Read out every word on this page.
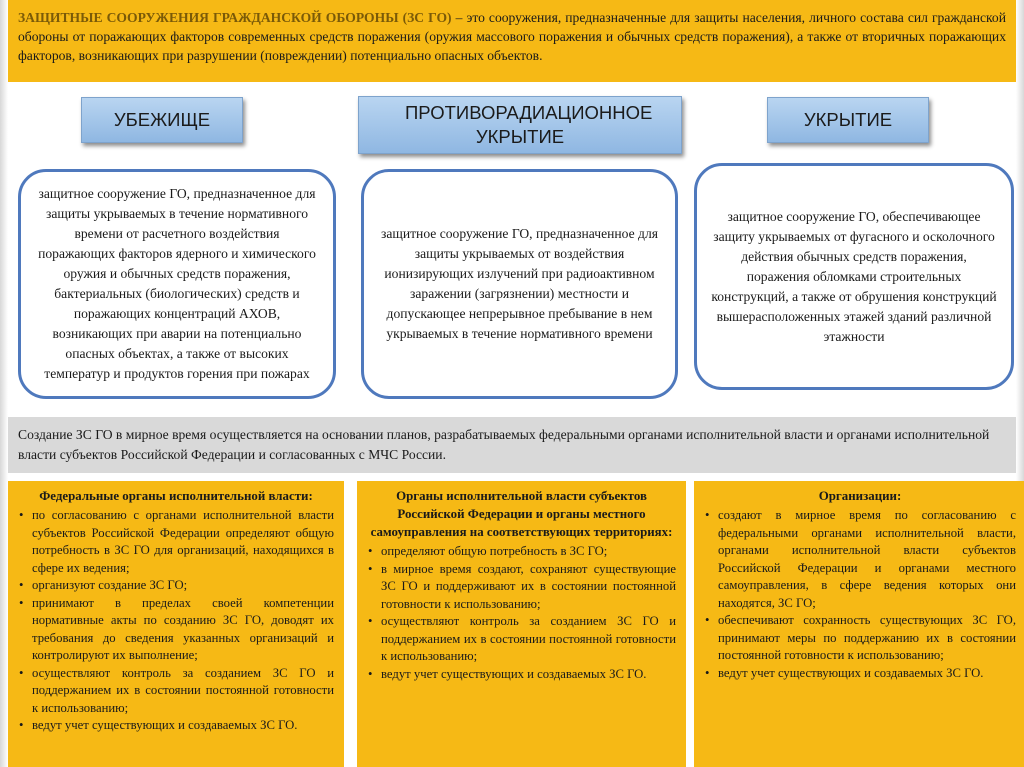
ЗАЩИТНЫЕ СООРУЖЕНИЯ ГРАЖДАНСКОЙ ОБОРОНЫ (ЗС ГО) – это сооружения, предназначенные для защиты населения, личного состава сил гражданской обороны от поражающих факторов современных средств поражения (оружия массового поражения и обычных средств поражения), а также от вторичных поражающих факторов, возникающих при разрушении (повреждении) потенциально опасных объектов.
УБЕЖИЩЕ	ПРОТИВОРАДИАЦИОННОЕ УКРЫТИЕ
УКРЫТИЕ
защитное сооружение ГО, предназначенное для защиты укрываемых в течение нормативного времени от расчетного воздействия поражающих факторов ядерного и химического оружия и обычных средств поражения, бактериальных (биологических) средств и поражающих концентраций АХОВ, возникающих при аварии на потенциально опасных объектах, а также от высоких температур и продуктов горения при пожарах
защитное сооружение ГО, предназначенное для защиты укрываемых от воздействия ионизирующих излучений при радиоактивном заражении (загрязнении) местности и допускающее непрерывное пребывание в нем укрываемых в течение нормативного времени
защитное сооружение ГО, обеспечивающее защиту укрываемых от фугасного и осколочного действия обычных средств поражения, поражения обломками строительных конструкций, а также от обрушения конструкций вышерасположенных этажей зданий различной этажности
Создание ЗС ГО в мирное время осуществляется на основании планов, разрабатываемых федеральными органами исполнительной власти и органами исполнительной власти субъектов Российской Федерации и согласованных с МЧС России.
Федеральные органы исполнительной власти:
• по согласованию с органами исполнительной власти субъектов Российской Федерации определяют общую потребность в ЗС ГО для организаций, находящихся в сфере их ведения;
• организуют создание ЗС ГО;
• принимают в пределах своей компетенции нормативные акты по созданию ЗС ГО, доводят их требования до сведения указанных организаций и контролируют их выполнение;
• осуществляют контроль за созданием ЗС ГО и поддержанием их в состоянии постоянной готовности к использованию;
• ведут учет существующих и создаваемых ЗС ГО.
Органы исполнительной власти субъектов Российской Федерации и органы местного самоуправления на соответствующих территориях:
• определяют общую потребность в ЗС ГО;
• в мирное время создают, сохраняют существующие ЗС ГО и поддерживают их в состоянии постоянной готовности к использованию;
• осуществляют контроль за созданием ЗС ГО и поддержанием их в состоянии постоянной готовности к использованию;
• ведут учет существующих и создаваемых ЗС ГО.
Организации:
• создают в мирное время по согласованию с федеральными органами исполнительной власти, органами исполнительной власти субъектов Российской Федерации и органами местного самоуправления, в сфере ведения которых они находятся, ЗС ГО;
• обеспечивают сохранность существующих ЗС ГО, принимают меры по поддержанию их в состоянии постоянной готовности к использованию;
• ведут учет существующих и создаваемых ЗС ГО.
